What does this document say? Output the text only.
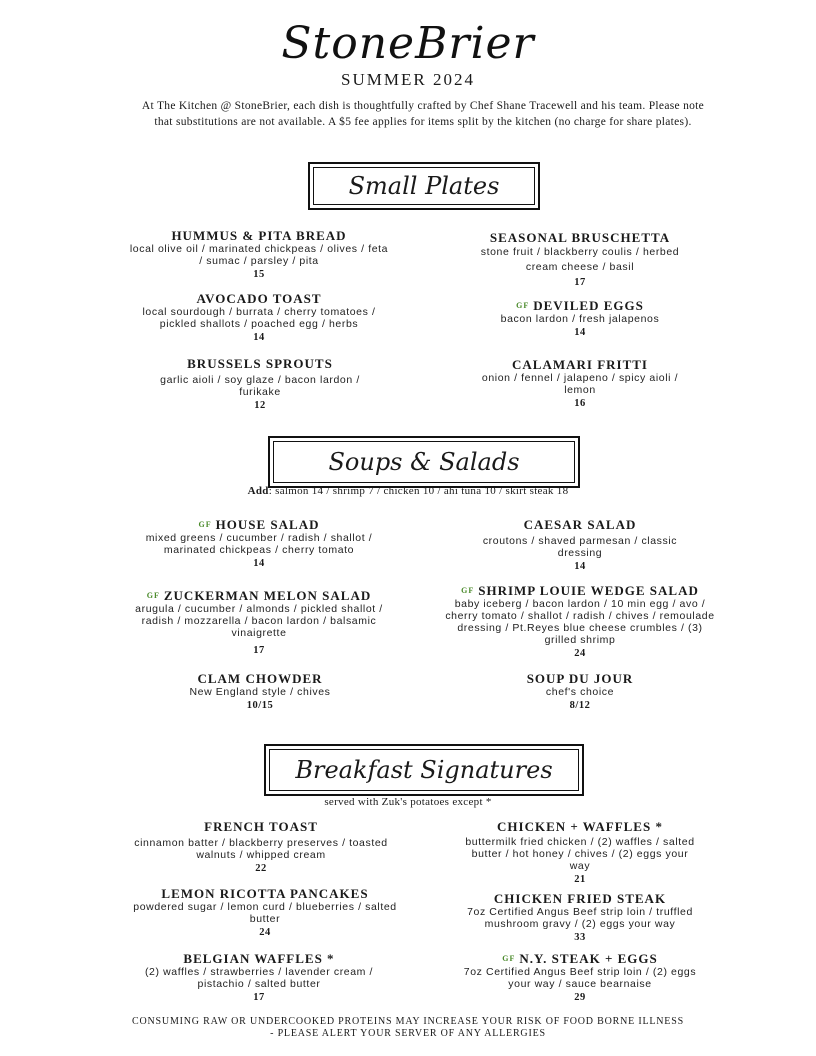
StoneBrier
SUMMER 2024
At The Kitchen @ StoneBrier, each dish is thoughtfully crafted by Chef Shane Tracewell and his team. Please note that substitutions are not available. A $5 fee applies for items split by the kitchen (no charge for share plates).
Small Plates
HUMMUS & PITA BREAD
local olive oil / marinated chickpeas / olives / feta / sumac / parsley / pita
15
SEASONAL BRUSCHETTA
stone fruit / blackberry coulis / herbed cream cheese / basil
17
AVOCADO TOAST
local sourdough / burrata / cherry tomatoes / pickled shallots / poached egg / herbs
14
GF DEVILED EGGS
bacon lardon / fresh jalapenos
14
BRUSSELS SPROUTS
garlic aioli / soy glaze / bacon lardon / furikake
12
CALAMARI FRITTI
onion / fennel / jalapeno / spicy aioli / lemon
16
Soups & Salads
Add: salmon 14 / shrimp 7 / chicken 10 / ahi tuna 10 / skirt steak 18
GF HOUSE SALAD
mixed greens / cucumber / radish / shallot / marinated chickpeas / cherry tomato
14
CAESAR SALAD
croutons / shaved parmesan / classic dressing
14
GF ZUCKERMAN MELON SALAD
arugula / cucumber / almonds / pickled shallot / radish / mozzarella / bacon lardon / balsamic vinaigrette
17
GF SHRIMP LOUIE WEDGE SALAD
baby iceberg / bacon lardon / 10 min egg / avo / cherry tomato / shallot / radish / chives / remoulade dressing / Pt.Reyes blue cheese crumbles / (3) grilled shrimp
24
CLAM CHOWDER
New England style / chives
10/15
SOUP DU JOUR
chef's choice
8/12
Breakfast Signatures
served with Zuk's potatoes except *
FRENCH TOAST
cinnamon batter / blackberry preserves / toasted walnuts / whipped cream
22
CHICKEN + WAFFLES *
buttermilk fried chicken / (2) waffles / salted butter / hot honey / chives / (2) eggs your way
21
LEMON RICOTTA PANCAKES
powdered sugar / lemon curd / blueberries / salted butter
24
CHICKEN FRIED STEAK
7oz Certified Angus Beef strip loin / truffled mushroom gravy / (2) eggs your way
33
BELGIAN WAFFLES *
(2) waffles / strawberries / lavender cream / pistachio / salted butter
17
GF N.Y. STEAK + EGGS
7oz Certified Angus Beef strip loin / (2) eggs your way / sauce bearnaise
29
CONSUMING RAW OR UNDERCOOKED PROTEINS MAY INCREASE YOUR RISK OF FOOD BORNE ILLNESS
- PLEASE ALERT YOUR SERVER OF ANY ALLERGIES
